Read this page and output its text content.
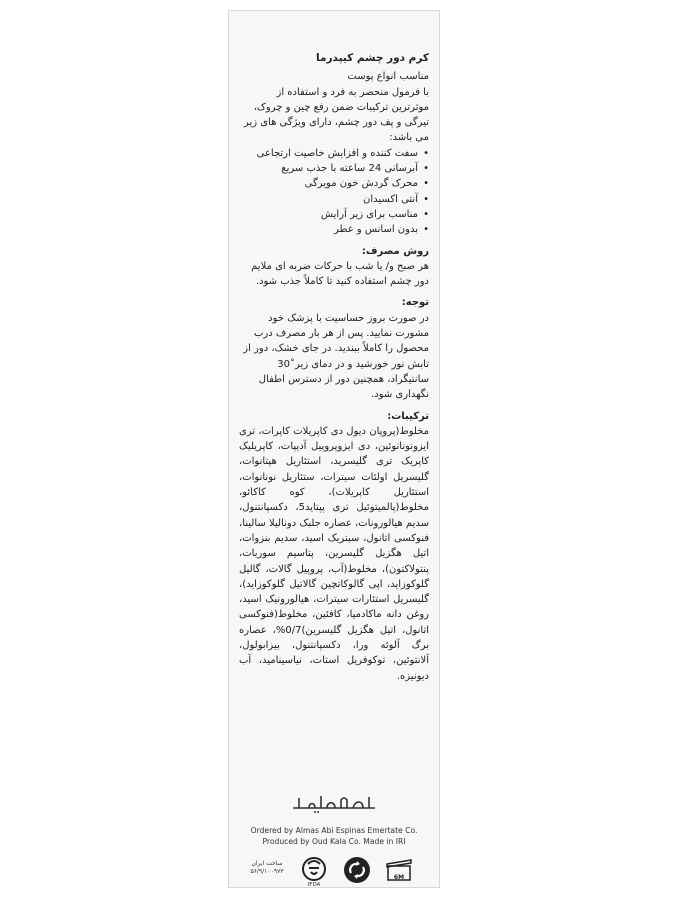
کرم دور چشم کیپدرما
مناسب انواع پوست

با فرمول منحصر به فرد و استفاده از موثرترین ترکیبات ضمن رفع چین و چروک، تیرگی و پف دور چشم، دارای ویژگی های زیر می باشد:

• سفت کننده و افزایش خاصیت ارتجاعی
• آبرسانی 24 ساعته با جذب سریع
• محرک گردش خون مویرگی
• آنتی اکسیدان
• مناسب برای زیر آرایش
• بدون اسانس و عطر
روش مصرف:

هر صبح و/ یا شب با حرکات ضربه ای ملایم دور چشم استفاده کنید تا کاملاً جذب شود.

توجه:

در صورت بروز حساسیت با پزشک خود مشورت نمایید. پس از هر بار مصرف درب محصول را کاملاً ببندید. در جای خشک، دور از تابش نور خورشید و در دمای زیر˚30 سانتیگراد، همچنین دور از دسترس اطفال نگهداری شود.

ترکیبات:

مخلوط(پروپان دیول دی کاپریلات کاپرات، تری ایزونونانوئین، دی ایزوپروپیل آدیپات، کاپریلیک کاپریک تری گلیسرید، استئاریل هپتانوات، گلیسریل اولئات سیترات، ستئاریل نونانوات، استئاریل کاپریلات)، کوه کاکائو، مخلوط(پالمیتوئیل تری پپتاید5، دکسپانتنول، سدیم هیالورونات، عصاره جلبک دونالیلا سالینا، فنوکسی اتانول، سیتریک اسید، سدیم بنزوات، اتیل هگزیل گلیسرین، پتاسیم سوربات، پنتولاکتون)، مخلوط(آب، پروپیل گالات، گالیل گلوکوزاید، اپی گالوکاتچین گالاتیل گلوکوزاید)، گلیسریل استئارات سیترات، هیالورونیک اسید، روغن دانه ماکادمیا، کافئین، مخلوط(فنوکسی اتانول، اتیل هگزیل گلیسرین)0/7%، عصاره برگ آلوئه ورا، دکسپانتنول، بیزابولول، آلانتوئین، توکوفریل استات، نیاسینامید، آب دیونیزه.

Ordered by Almas Abi Espinas Emertate Co.
Produced by Oud Kala Co. Made in IRI
ساخت ایران
۵۶/۹/۱۰۰۹۷۳
IFDA
6M
